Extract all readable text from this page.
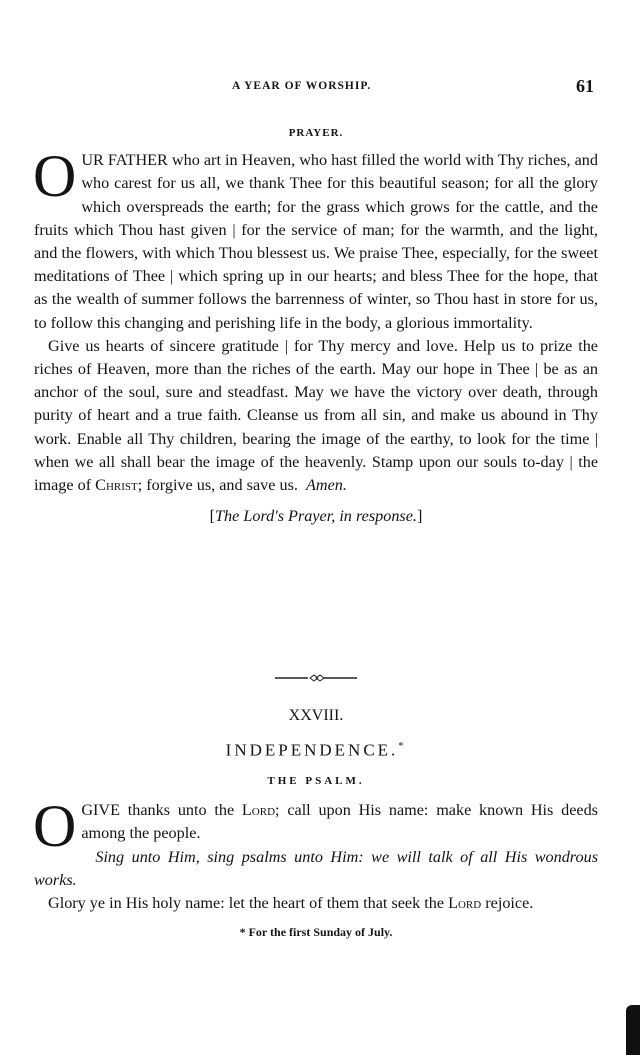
A YEAR OF WORSHIP.	61

PRAYER.

OUR FATHER who art in Heaven, who hast filled the world with Thy riches, and who carest for us all, we thank Thee for this beautiful season; for all the glory which overspreads the earth; for the grass which grows for the cattle, and the fruits which Thou hast given | for the service of man; for the warmth, and the light, and the flowers, with which Thou blessest us. We praise Thee, especially, for the sweet meditations of Thee | which spring up in our hearts; and bless Thee for the hope, that as the wealth of summer follows the barrenness of winter, so Thou hast in store for us, to follow this changing and perishing life in the body, a glorious immortality.

Give us hearts of sincere gratitude | for Thy mercy and love. Help us to prize the riches of Heaven, more than the riches of the earth. May our hope in Thee | be as an anchor of the soul, sure and steadfast. May we have the victory over death, through purity of heart and a true faith. Cleanse us from all sin, and make us abound in Thy work. Enable all Thy children, bearing the image of the earthy, to look for the time | when we all shall bear the image of the heavenly. Stamp upon our souls to-day | the image of Christ; forgive us, and save us. Amen.

[The Lord's Prayer, in response.]

XXVIII.

INDEPENDENCE.*

THE PSALM.

O GIVE thanks unto the Lord; call upon His name: make known His deeds among the people.

Sing unto Him, sing psalms unto Him: we will talk of all His wondrous works.

Glory ye in His holy name: let the heart of them that seek the Lord rejoice.

* For the first Sunday of July.
